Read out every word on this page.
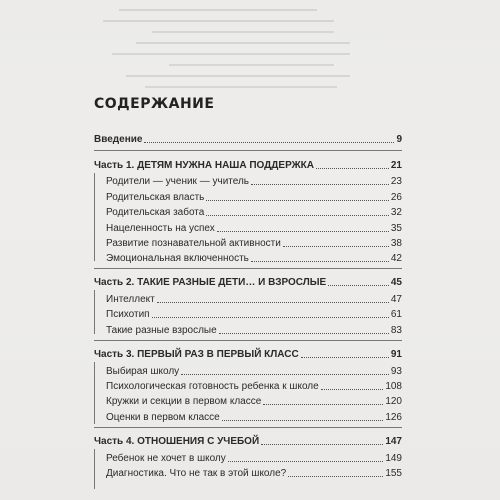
СОДЕРЖАНИЕ
Введение	9
Часть 1. ДЕТЯМ НУЖНА НАША ПОДДЕРЖКА	21
Родители — ученик — учитель	23
Родительская власть	26
Родительская забота	32
Нацеленность на успех	35
Развитие познавательной активности	38
Эмоциональная включенность	42
Часть 2. ТАКИЕ РАЗНЫЕ ДЕТИ… И ВЗРОСЛЫЕ	45
Интеллект	47
Психотип	61
Такие разные взрослые	83
Часть 3. ПЕРВЫЙ РАЗ В ПЕРВЫЙ КЛАСС	91
Выбирая школу	93
Психологическая готовность ребенка к школе	108
Кружки и секции в первом классе	120
Оценки в первом классе	126
Часть 4. ОТНОШЕНИЯ С УЧЕБОЙ	147
Ребенок не хочет в школу	149
Диагностика. Что не так в этой школе?	155
